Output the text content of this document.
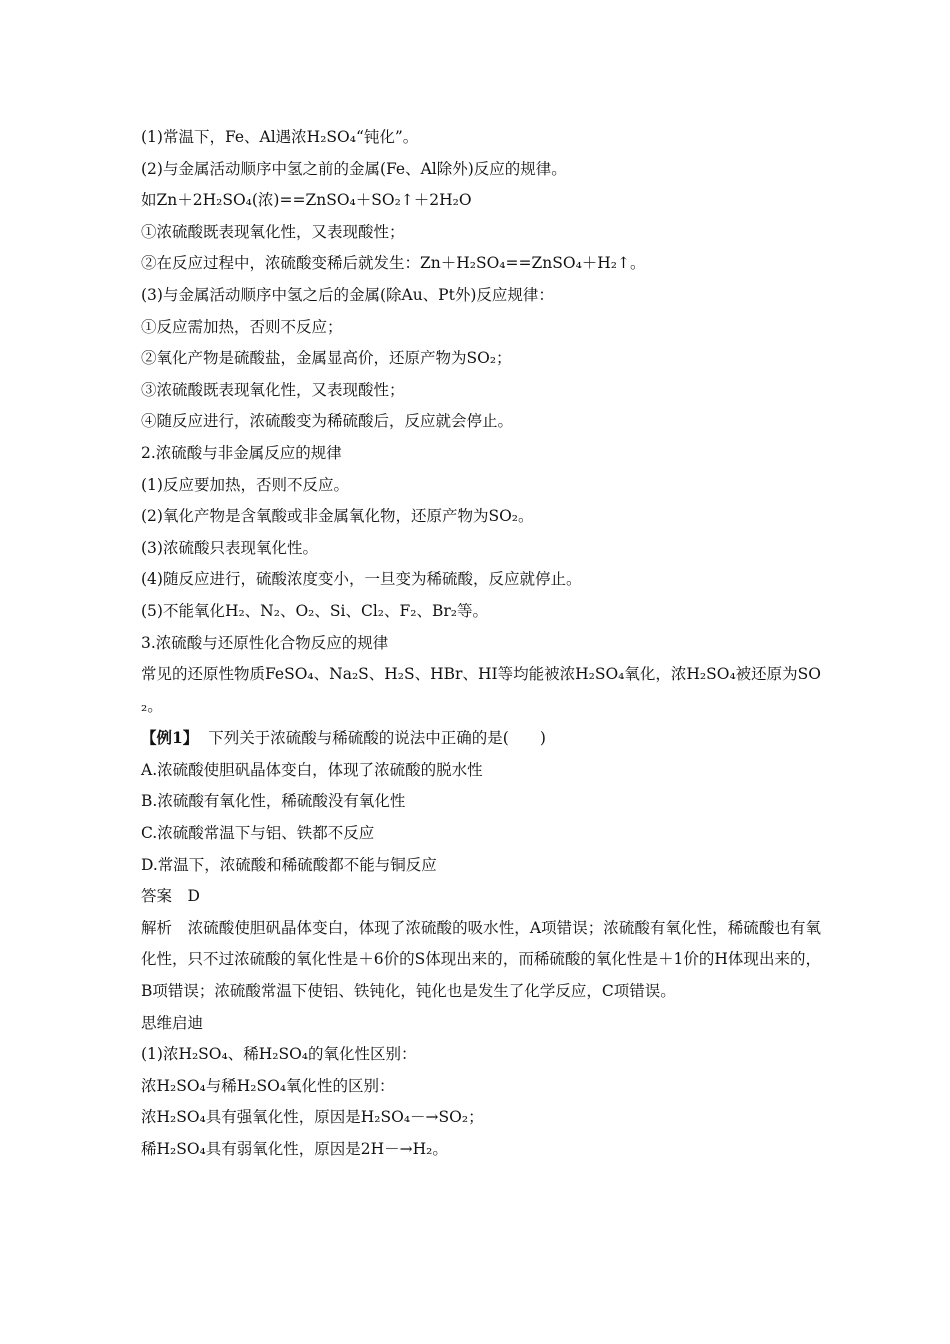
(1)常温下，Fe、Al遇浓H₂SO₄“钝化”。
(2)与金属活动顺序中氢之前的金属(Fe、Al除外)反应的规律。
如Zn＋2H₂SO₄(浓)==ZnSO₄＋SO₂↑＋2H₂O
①浓硫酸既表现氧化性，又表现酸性；
②在反应过程中，浓硫酸变稀后就发生：Zn＋H₂SO₄==ZnSO₄＋H₂↑。
(3)与金属活动顺序中氢之后的金属(除Au、Pt外)反应规律：
①反应需加热，否则不反应；
②氧化产物是硫酸盐，金属显高价，还原产物为SO₂；
③浓硫酸既表现氧化性，又表现酸性；
④随反应进行，浓硫酸变为稀硫酸后，反应就会停止。
2.浓硫酸与非金属反应的规律
(1)反应要加热，否则不反应。
(2)氧化产物是含氧酸或非金属氧化物，还原产物为SO₂。
(3)浓硫酸只表现氧化性。
(4)随反应进行，硫酸浓度变小，一旦变为稀硫酸，反应就停止。
(5)不能氧化H₂、N₂、O₂、Si、Cl₂、F₂、Br₂等。
3.浓硫酸与还原性化合物反应的规律
常见的还原性物质FeSO₄、Na₂S、H₂S、HBr、HI等均能被浓H₂SO₄氧化，浓H₂SO₄被还原为SO₂。
【例1】 下列关于浓硫酸与稀硫酸的说法中正确的是(　　)
A.浓硫酸使胆矾晶体变白，体现了浓硫酸的脱水性
B.浓硫酸有氧化性，稀硫酸没有氧化性
C.浓硫酸常温下与铝、铁都不反应
D.常温下，浓硫酸和稀硫酸都不能与铜反应
答案　D
解析　浓硫酸使胆矾晶体变白，体现了浓硫酸的吸水性，A项错误；浓硫酸有氧化性，稀硫酸也有氧化性，只不过浓硫酸的氧化性是＋6价的S体现出来的，而稀硫酸的氧化性是＋1价的H体现出来的，B项错误；浓硫酸常温下使铝、铁钝化，钝化也是发生了化学反应，C项错误。
思维启迪
(1)浓H₂SO₄、稀H₂SO₄的氧化性区别：
浓H₂SO₄与稀H₂SO₄氧化性的区别：
浓H₂SO₄具有强氧化性，原因是H₂SO₄－→SO₂；
稀H₂SO₄具有弱氧化性，原因是2H－→H₂。
